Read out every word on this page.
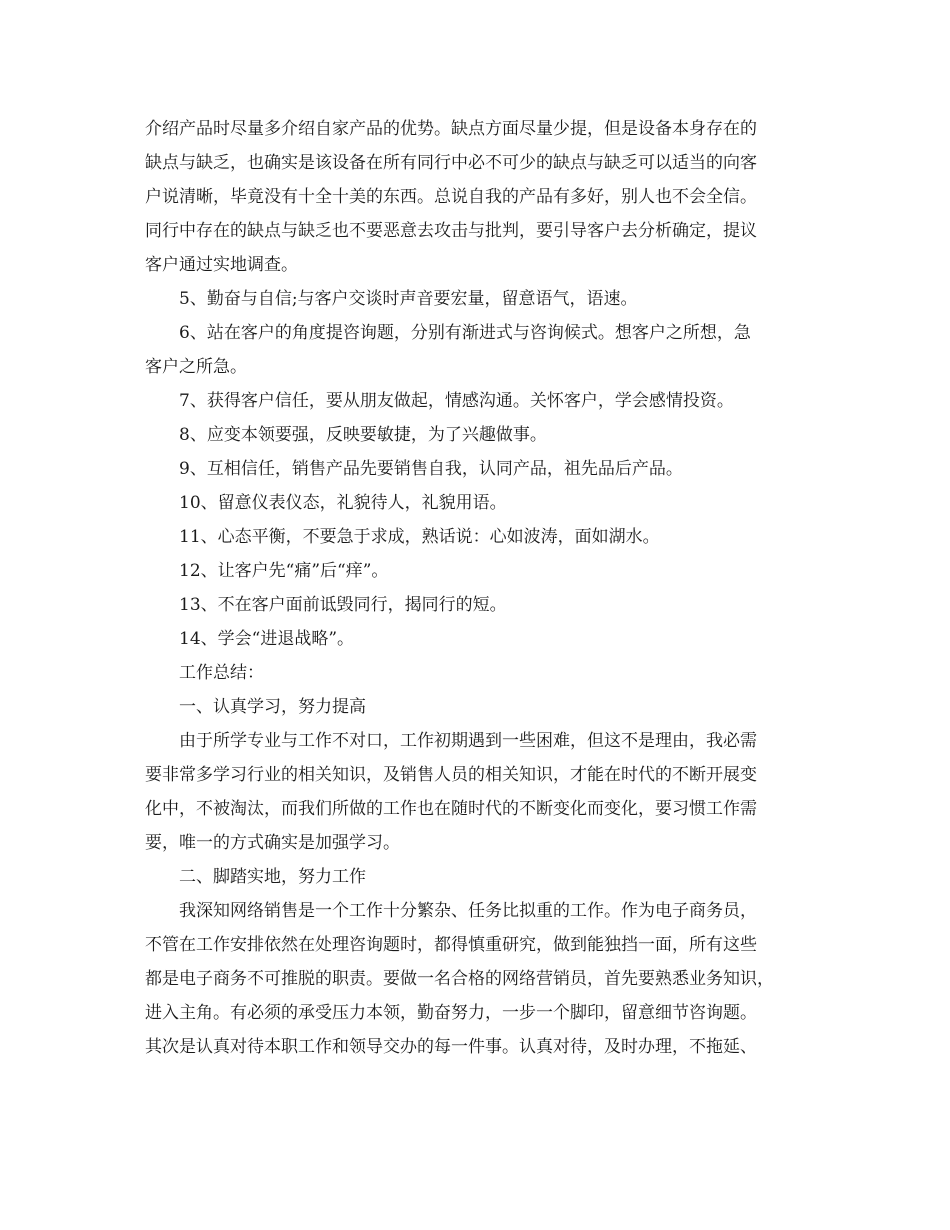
介绍产品时尽量多介绍自家产品的优势。缺点方面尽量少提，但是设备本身存在的

缺点与缺乏，也确实是该设备在所有同行中必不可少的缺点与缺乏可以适当的向客

户说清晰，毕竟没有十全十美的东西。总说自我的产品有多好，别人也不会全信。

同行中存在的缺点与缺乏也不要恶意去攻击与批判，要引导客户去分析确定，提议

客户通过实地调查。

5、勤奋与自信;与客户交谈时声音要宏量，留意语气，语速。

6、站在客户的角度提咨询题，分别有渐进式与咨询候式。想客户之所想，急

客户之所急。

7、获得客户信任，要从朋友做起，情感沟通。关怀客户，学会感情投资。

8、应变本领要强，反映要敏捷，为了兴趣做事。

9、互相信任，销售产品先要销售自我，认同产品，祖先品后产品。

10、留意仪表仪态，礼貌待人，礼貌用语。

11、心态平衡，不要急于求成，熟话说：心如波涛，面如湖水。

12、让客户先“痛”后“痒”。

13、不在客户面前诋毁同行，揭同行的短。

14、学会“进退战略”。

工作总结：

一、认真学习，努力提高

由于所学专业与工作不对口，工作初期遇到一些困难，但这不是理由，我必需

要非常多学习行业的相关知识，及销售人员的相关知识，才能在时代的不断开展变

化中，不被淘汰，而我们所做的工作也在随时代的不断变化而变化，要习惯工作需

要，唯一的方式确实是加强学习。

二、脚踏实地，努力工作

我深知网络销售是一个工作十分繁杂、任务比拟重的工作。作为电子商务员，

不管在工作安排依然在处理咨询题时，都得慎重研究，做到能独挡一面，所有这些

都是电子商务不可推脱的职责。要做一名合格的网络营销员，首先要熟悉业务知识，

进入主角。有必须的承受压力本领，勤奋努力，一步一个脚印，留意细节咨询题。

其次是认真对待本职工作和领导交办的每一件事。认真对待，及时办理，不拖延、
